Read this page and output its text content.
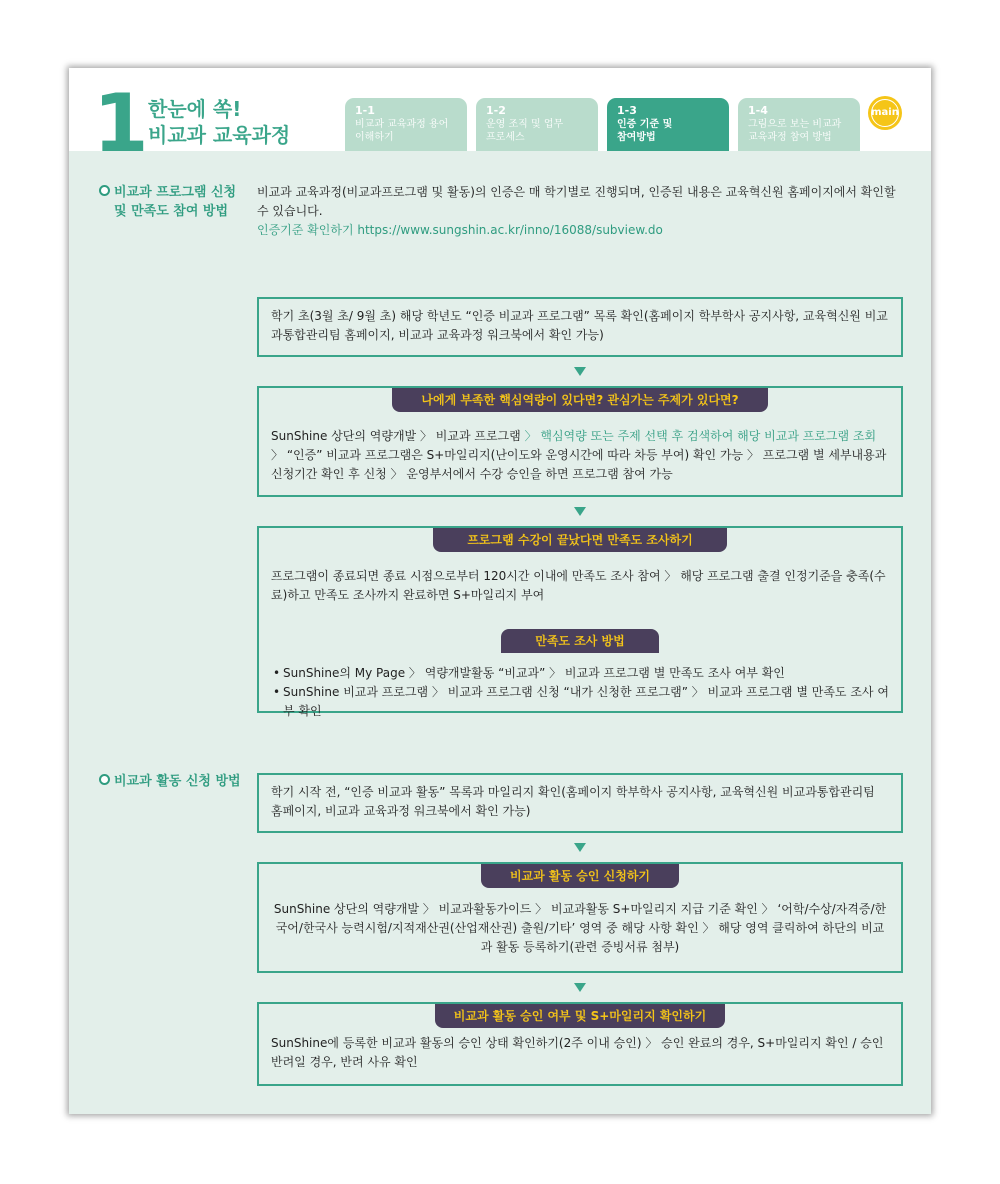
1 한눈에 쏙!
비교과 교육과정
1-1
비교과 교육과정 용어
이해하기
1-2
운영 조직 및 업무
프로세스
1-3
인증 기준 및
참여방법
1-4
그림으로 보는 비교과
교육과정 참여 방법
main
비교과 프로그램 신청
및 만족도 참여 방법
비교과 교육과정(비교과프로그램 및 활동)의 인증은 매 학기별로 진행되며, 인증된 내용은 교육혁신원 홈페이지에서 확인할 수 있습니다.
인증기준 확인하기 https://www.sungshin.ac.kr/inno/16088/subview.do
학기 초(3월 초/ 9월 초) 해당 학년도 “인증 비교과 프로그램” 목록 확인(홈페이지 학부학사 공지사항, 교육혁신원 비교과통합관리팀 홈페이지, 비교과 교육과정 워크북에서 확인 가능)
나에게 부족한 핵심역량이 있다면? 관심가는 주제가 있다면?
SunShine 상단의 역량개발 〉 비교과 프로그램 〉 핵심역량 또는 주제 선택 후 검색하여 해당 비교과 프로그램 조회 〉 “인증” 비교과 프로그램은 S+마일리지(난이도와 운영시간에 따라 차등 부여) 확인 가능 〉 프로그램 별 세부내용과 신청기간 확인 후 신청 〉 운영부서에서 수강 승인을 하면 프로그램 참여 가능
프로그램 수강이 끝났다면 만족도 조사하기
프로그램이 종료되면 종료 시점으로부터 120시간 이내에 만족도 조사 참여 〉 해당 프로그램 출결 인정기준을 충족(수료)하고 만족도 조사까지 완료하면 S+마일리지 부여
만족도 조사 방법
• SunShine의 My Page 〉 역량개발활동 “비교과” 〉 비교과 프로그램 별 만족도 조사 여부 확인
• SunShine 비교과 프로그램 〉 비교과 프로그램 신청 “내가 신청한 프로그램” 〉 비교과 프로그램 별 만족도 조사 여부 확인
비교과 활동 신청 방법
학기 시작 전, “인증 비교과 활동” 목록과 마일리지 확인(홈페이지 학부학사 공지사항, 교육혁신원 비교과통합관리팀 홈페이지, 비교과 교육과정 워크북에서 확인 가능)
비교과 활동 승인 신청하기
SunShine 상단의 역량개발 〉 비교과활동가이드 〉 비교과활동 S+마일리지 지급 기준 확인 〉 ‘어학/수상/자격증/한국어/한국사 능력시험/지적재산권(산업재산권) 출원/기타’ 영역 중 해당 사항 확인 〉 해당 영역 클릭하여 하단의 비교과 활동 등록하기(관련 증빙서류 첨부)
비교과 활동 승인 여부 및 S+마일리지 확인하기
SunShine에 등록한 비교과 활동의 승인 상태 확인하기(2주 이내 승인) 〉 승인 완료의 경우, S+마일리지 확인 / 승인 반려일 경우, 반려 사유 확인
